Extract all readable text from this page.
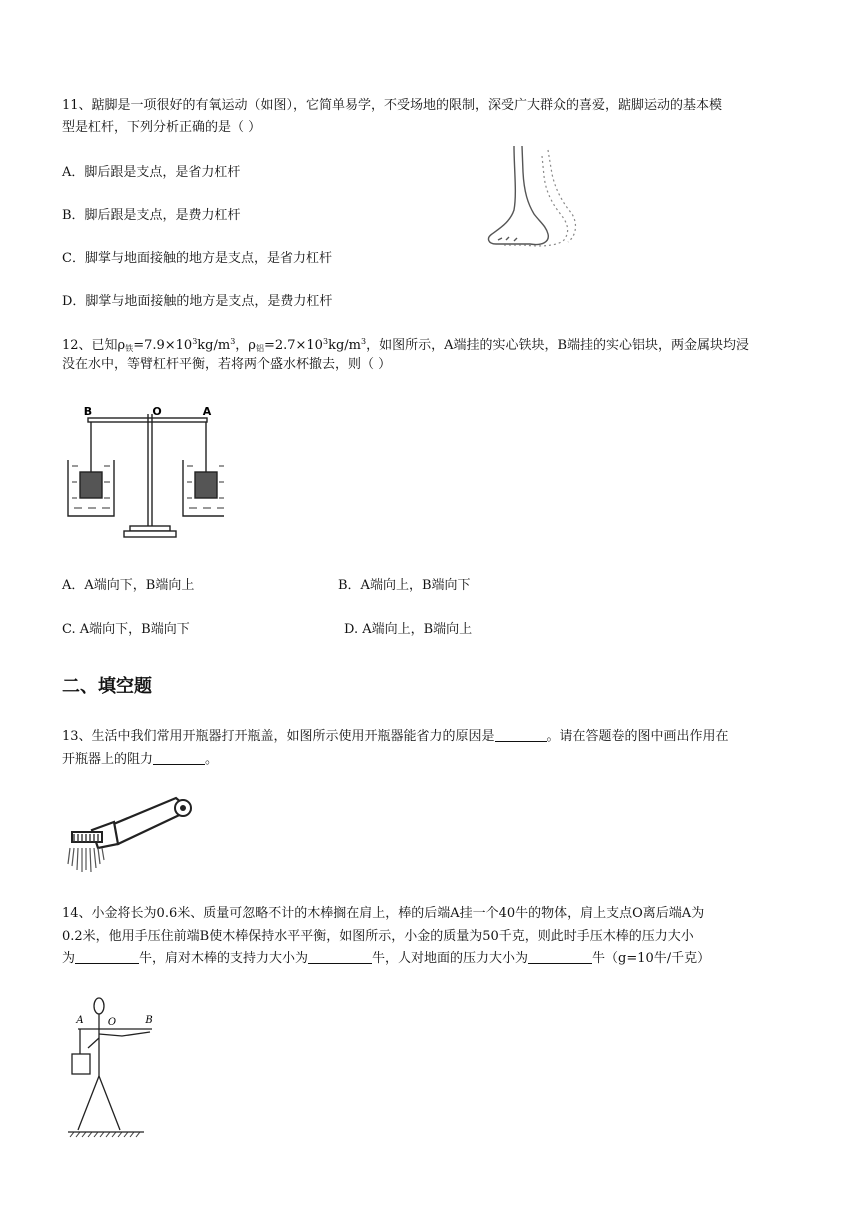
11、踮脚是一项很好的有氧运动（如图），它简单易学，不受场地的限制，深受广大群众的喜爱，踮脚运动的基本模
型是杠杆，下列分析正确的是（ ）
A．脚后跟是支点，是省力杠杆
B．脚后跟是支点，是费力杠杆
C．脚掌与地面接触的地方是支点，是省力杠杆
D．脚掌与地面接触的地方是支点，是费力杠杆
12、已知$\rho_铁=7.9\times 10^3kg/m^3$，$\rho_铝=2.7\times 10^3kg/m^3$，如图所示，A端挂的实心铁块，B端挂的实心铝块，两金属块均浸
没在水中，等臂杠杆平衡，若将两个盛水杯撤去，则（ ）
B	O	A
A．A端向下，B端向上	B．A端向上，B端向下
C. A端向下，B端向下	D. A端向上，B端向上
二、填空题
13、生活中我们常用开瓶器打开瓶盖，如图所示使用开瓶器能省力的原因是	。请在答题卷的图中画出作用在
开瓶器上的阻力	。
14、小金将长为0.6米、质量可忽略不计的木棒搁在肩上，棒的后端A挂一个40牛的物体，肩上支点O离后端A为
0.2米，他用手压住前端B使木棒保持水平平衡，如图所示，小金的质量为50千克，则此时手压木棒的压力大小
为	牛，肩对木棒的支持力大小为	牛，人对地面的压力大小为	牛（g=10牛/千克）
A O	B
